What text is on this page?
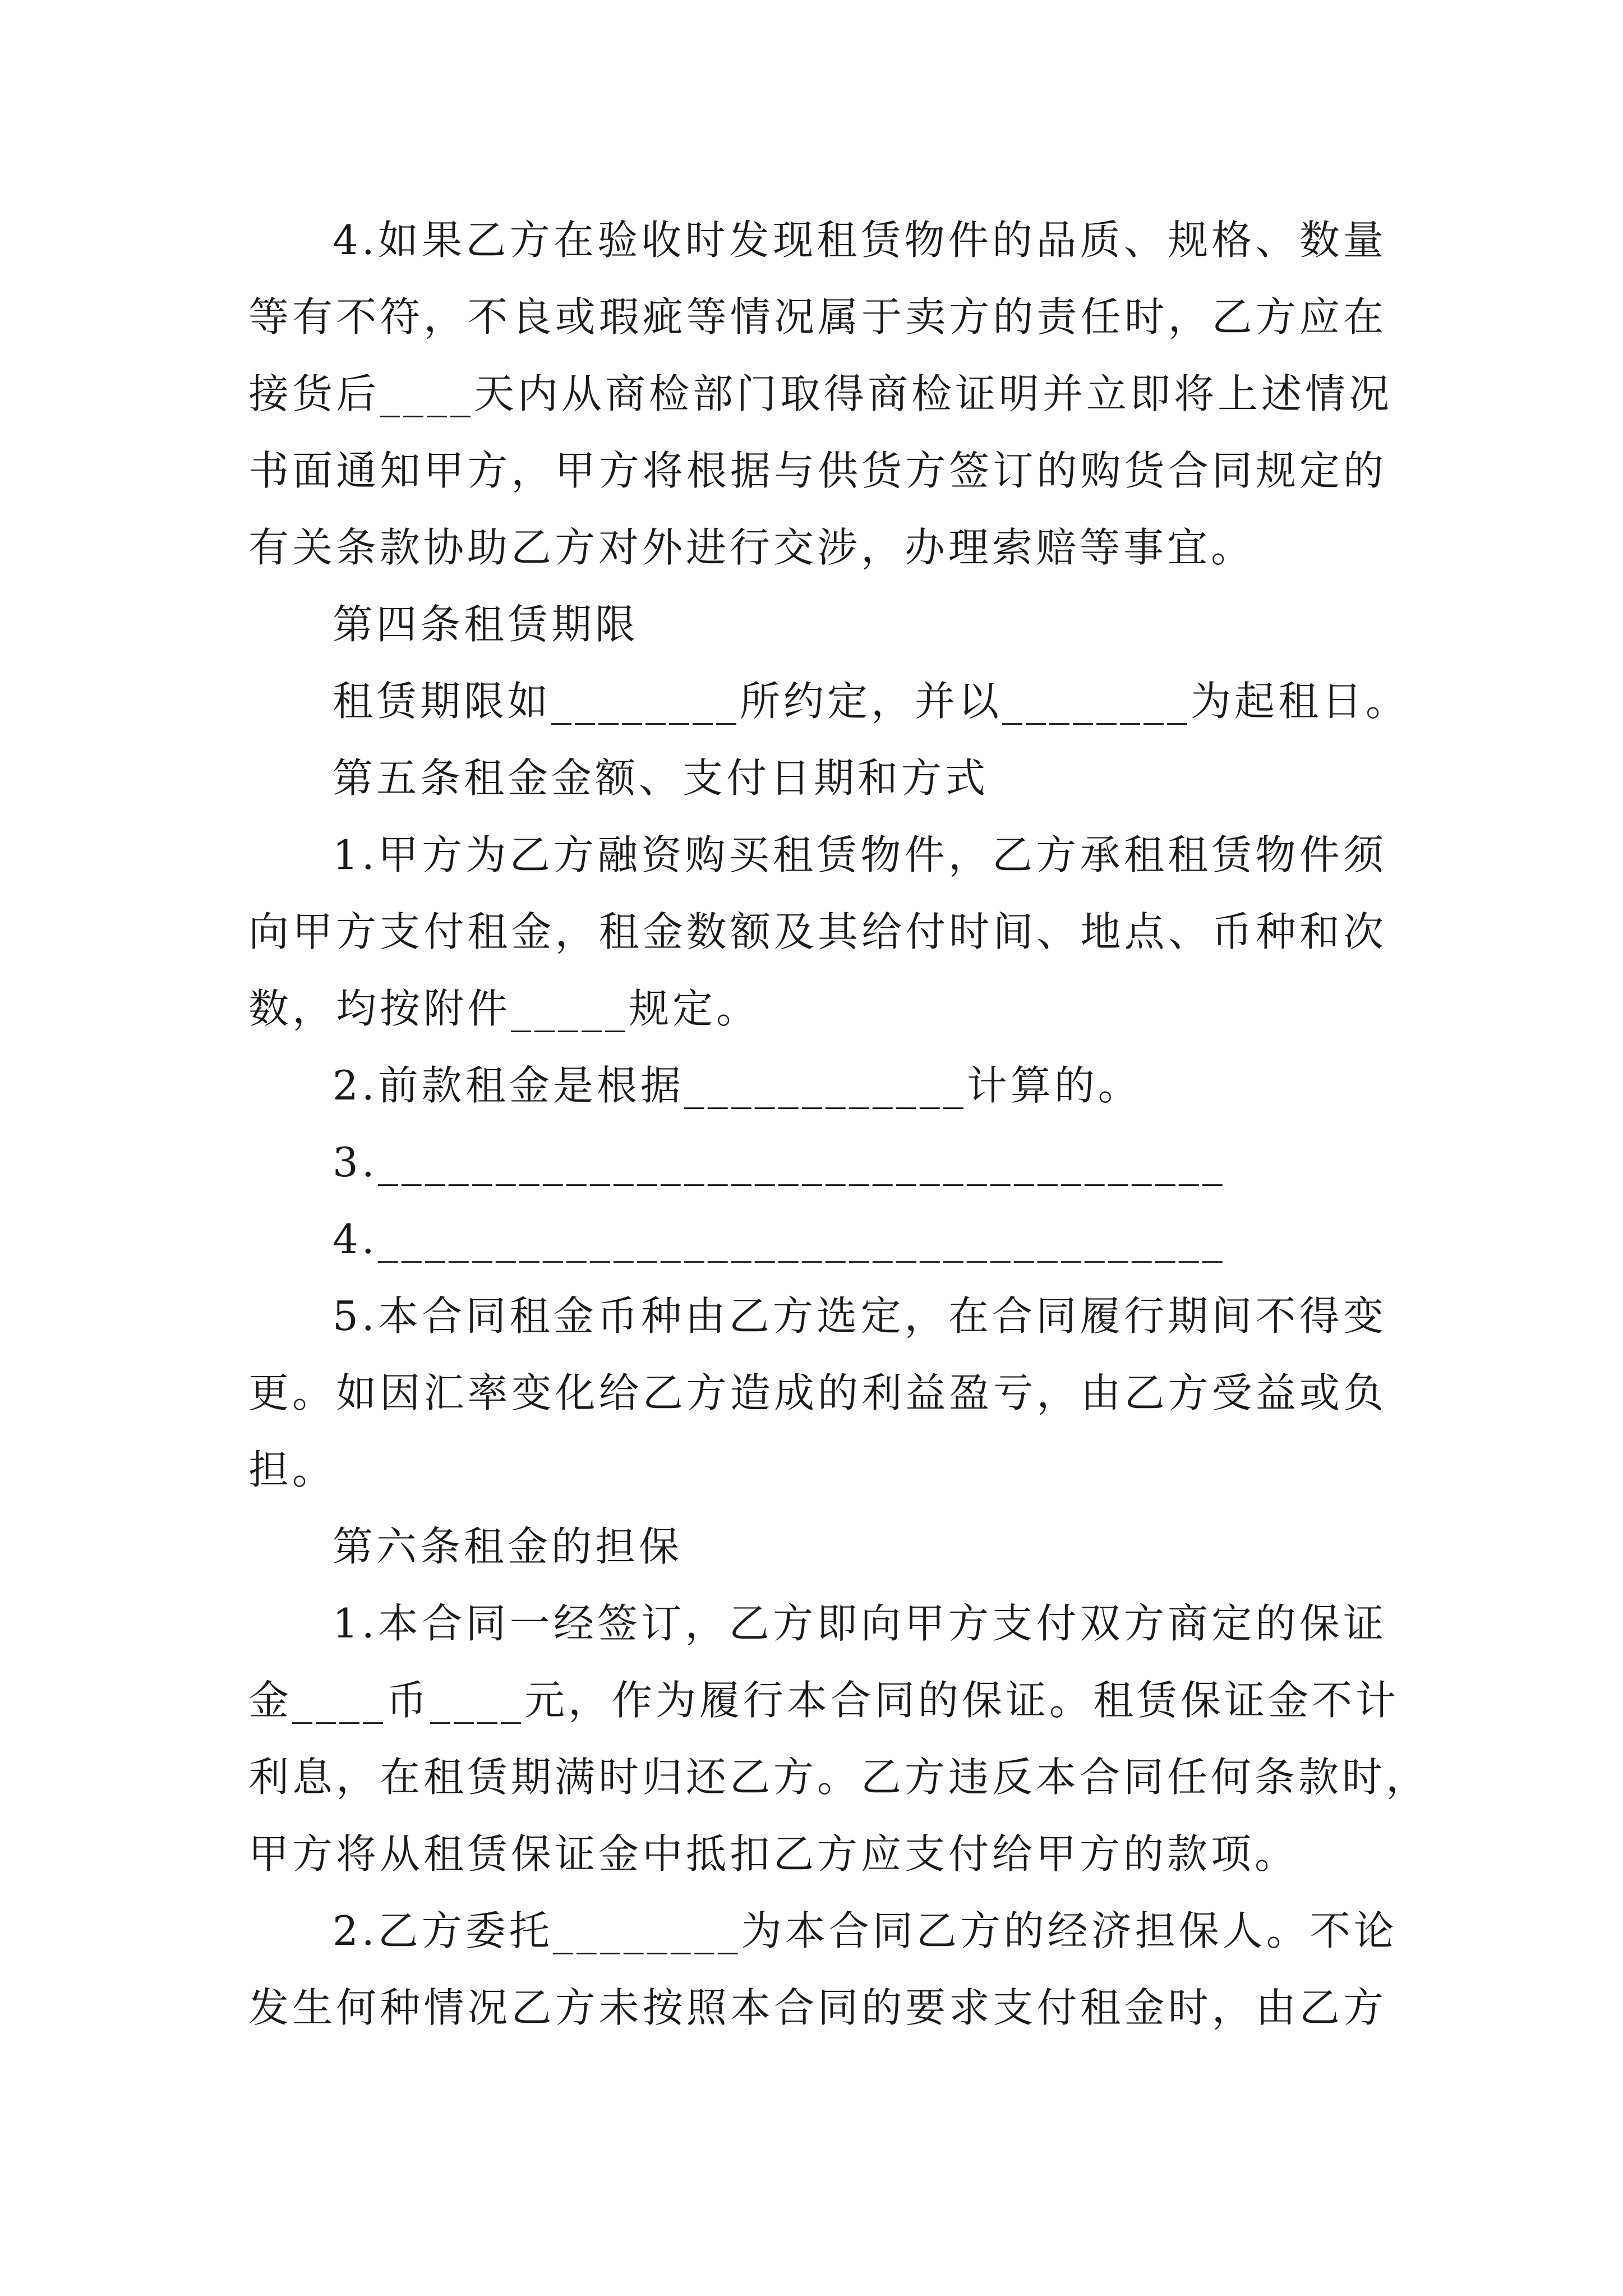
4.如果乙方在验收时发现租赁物件的品质、规格、数量
等有不符，不良或瑕疵等情况属于卖方的责任时，乙方应在
接货后____天内从商检部门取得商检证明并立即将上述情况
书面通知甲方，甲方将根据与供货方签订的购货合同规定的
有关条款协助乙方对外进行交涉，办理索赔等事宜。
第四条租赁期限
租赁期限如________所约定，并以________为起租日。
第五条租金金额、支付日期和方式
1.甲方为乙方融资购买租赁物件，乙方承租租赁物件须
向甲方支付租金，租金数额及其给付时间、地点、币种和次
数，均按附件_____规定。
2.前款租金是根据____________计算的。
3.____________________________________
4.____________________________________
5.本合同租金币种由乙方选定，在合同履行期间不得变
更。如因汇率变化给乙方造成的利益盈亏，由乙方受益或负
担。
第六条租金的担保
1.本合同一经签订，乙方即向甲方支付双方商定的保证
金____币____元，作为履行本合同的保证。租赁保证金不计
利息，在租赁期满时归还乙方。乙方违反本合同任何条款时，
甲方将从租赁保证金中抵扣乙方应支付给甲方的款项。
2.乙方委托________为本合同乙方的经济担保人。不论
发生何种情况乙方未按照本合同的要求支付租金时，由乙方
